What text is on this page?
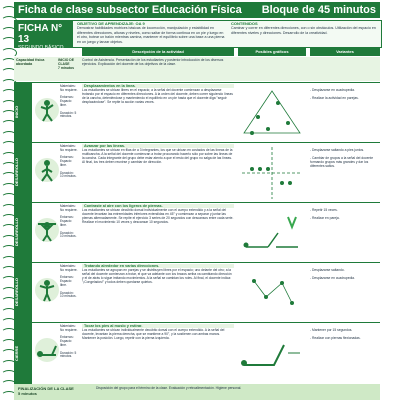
Ficha de clase subsector Educación Física	Bloque de 45 minutos
FICHA N° 13
SEGUNDO BÁSICO
OBJETIVO DE APRENDIZAJE: OA 9
Demostrar habilidades motrices básicas de locomoción, manipulación y estabilidad en diferentes direcciones, alturas y niveles, como saltar de forma continua en un pie y luego en el otro, botear un balón mientras camina, mantener el equilibrio sobre una base a una pierna en un juego y lanzar objetos.
CONTENIDOS
Caminar y correr en diferentes direcciones, con o sin obstáculos. Utilización del espacio en diferentes niveles y direcciones. Desarrollo de la creatividad.
Descripción de la actividad	Posibles gráficos	Variantes
Capacidad física abordada
INICIO DE CLASE
7 minutos
Control de Asistencia. Presentación de los estudiantes y posterior introducción de los diversos ejercicios. Explicación del docente de los objetivos de la clase.
INICIO
Materiales: No requiere.

Entornos: Espacio libre.

Duración: 5 minutos.
Desplazamientos en la línea.
Los estudiantes se ubican libres en el espacio; a la señal del docente comienzan a desplazarse trotando por el espacio en diferentes direcciones. A la orden del docente, deben correr siguiendo líneas de la cancha, deteniéndose y manteniendo el equilibrio en un pie hasta que el docente diga "seguir desplazándose". Se repite la acción varias veces.
- Desplazarse en cuadrupedia.

- Realizar la actividad en parejas.
DESARROLLO
Materiales: No requiere.

Entornos: Espacio libre.

Duración: 10 minutos.
Avanzar por las líneas.
Los estudiantes se ubican en filas de a 3 integrantes, los que se ubican en costados de las líneas de la multicancha. A la señal del docente comienzan a trotar procurando hacerlo sólo por sobre las líneas de la cancha. Cada integrante del grupo debe estar atento a que el resto del grupo no salga de las líneas. Al final, los tres deben reunirse y cambiar de dirección.
- Desplazarse saltando a pies juntos.

- Cambiar de grupos a la señal del docente formando grupos más grandes y dar los diferentes saltos.
DESARROLLO
Materiales: No requiere.

Entornos: Espacio libre.

Duración: 10 minutos.
Contraste al aire con los ligeros de piernas.
Los estudiantes se ubican decúbito dorsal individualmente con el cuerpo extendido y a la señal del docente levantan las extremidades inferiores extendidas en 45° y comienzan a separar y juntar las piernas alternadamente. Se repite el ejercicio 3 series de 20 segundos con descansos entre cada serie. Realizar el movimiento 10 veces y descansar 10 segundos.
- Repetir 15 veces.

- Realizar en pareja.
DESARROLLO
Materiales: No requiere.

Entornos: Espacio libre.

Duración: 10 minutos.
Trotando alrededor en varias direcciones.
Los estudiantes se agrupan en parejas y se distribuyen libres por el espacio; uno delante del otro; a la señal del docente comienzan a trotar, el que va adelante con los brazos arriba va cambiando dirección y el de atrás lo sigue imitando movimientos. A la señal se cambian los roles. Al final, el docente indica: "¡Congelados!" y todos deben quedarse quietos.
- Desplazarse saltando.

- Desplazarse en cuadrupedia.
CIERRE
Materiales: No requiere.

Entornos: Espacio libre.

Duración: 5 minutos.
Tocar los pies al muslo y estirar.
Los estudiantes se ubican individualmente decúbito dorsal con el cuerpo extendido. A la señal del docente, levantan la pierna derecha, que se mantiene a 90°, y la sostienen con ambas manos. Mantener la posición. Luego, repetir con la pierna izquierda.
- Mantener por 15 segundos.

- Realizar con piernas flexionadas.
FINALIZACIÓN DE LA CLASE
5 minutos
Disposición del grupo para el término de la clase. Evaluación y retroalimentación. Higiene personal.
